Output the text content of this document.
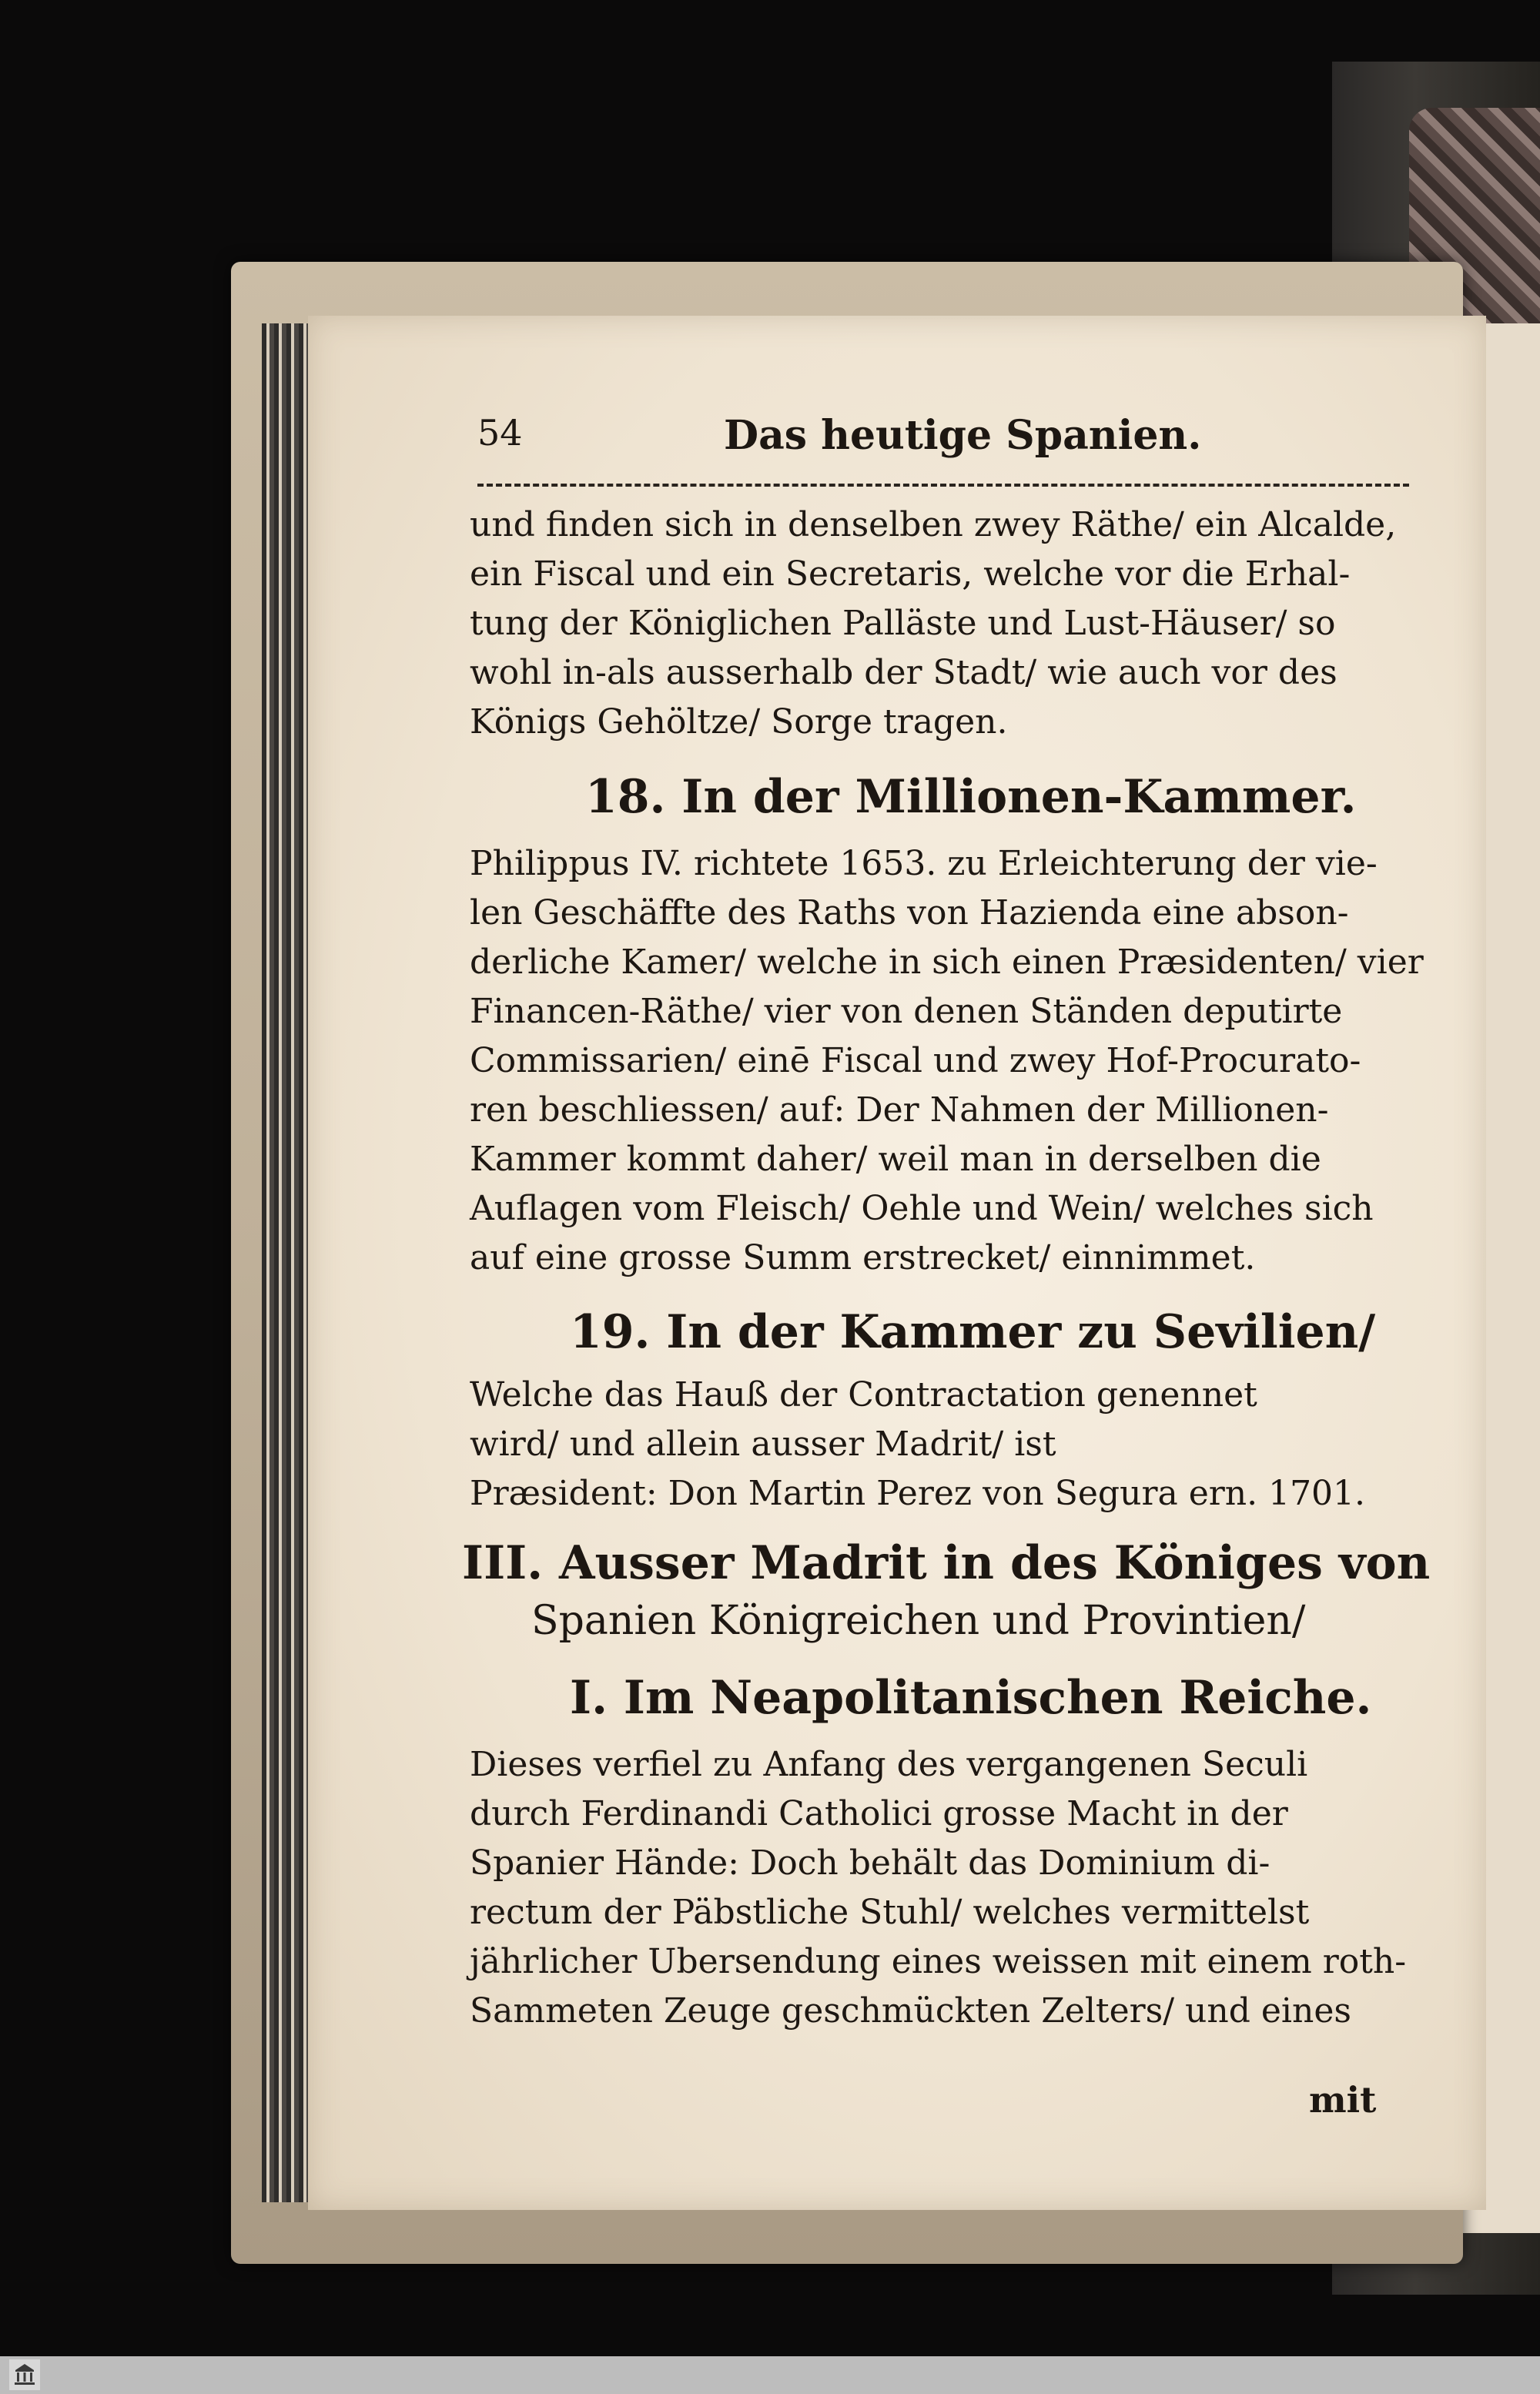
54	Das heutige Spanien.
und finden sich in denselben zwey Räthe/ ein Alcalde,
ein Fiscal und ein Secretaris, welche vor die Erhal-
tung der Königlichen Palläste und Lust-Häuser/ so
wohl in-als ausserhalb der Stadt/ wie auch vor des
Königs Gehöltze/ Sorge tragen.
18. In der Millionen-Kammer.
Philippus IV. richtete 1653. zu Erleichterung der vie-
len Geschäffte des Raths von Hazienda eine abson-
derliche Kamer/ welche in sich einen Præsidenten/ vier
Financen-Räthe/ vier von denen Ständen deputirte
Commissarien/ einē Fiscal und zwey Hof-Procurato-
ren beschliessen/ auf: Der Nahmen der Millionen-
Kammer kommt daher/ weil man in derselben die
Auflagen vom Fleisch/ Oehle und Wein/ welches sich
auf eine grosse Summ erstrecket/ einnimmet.
19. In der Kammer zu Sevilien/
Welche das Hauß der Contractation genennet
wird/ und allein ausser Madrit/ ist
Præsident: Don Martin Perez von Segura ern. 1701.
III. Ausser Madrit in des Königes von
Spanien Königreichen und Provintien/
I. Im Neapolitanischen Reiche.
Dieses verfiel zu Anfang des vergangenen Seculi
durch Ferdinandi Catholici grosse Macht in der
Spanier Hände: Doch behält das Dominium di-
rectum der Päbstliche Stuhl/ welches vermittelst
jährlicher Ubersendung eines weissen mit einem roth-
Sammeten Zeuge geschmückten Zelters/ und eines
mit
